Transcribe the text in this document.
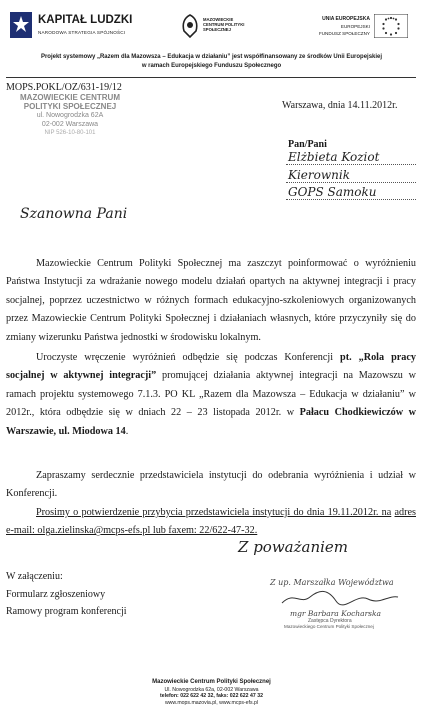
KAPITAŁ LUDZKI
NARODOWA STRATEGIA SPÓJNOŚCI
MAZOWIECKIE CENTRUM POLITYKI SPOŁECZNEJ
UNIA EUROPEJSKA
EUROPEJSKI
FUNDUSZ SPOŁECZNY
Projekt systemowy „Razem dla Mazowsza – Edukacja w działaniu” jest współfinansowany ze środków Unii Europejskiej
w ramach Europejskiego Funduszu Społecznego
MOPS.POKL/OZ/631-19/12
MAZOWIECKIE CENTRUM
POLITYKI SPOŁECZNEJ
ul. Nowogrodzka 62A
02-002 Warszawa
NIP 526-10-80-101
Warszawa, dnia 14.11.2012r.
Pan/Pani
Elżbieta Koziot
Kierownik
GOPS Samoku
Szanowna Pani

Mazowieckie Centrum Polityki Społecznej ma zaszczyt poinformować o wyróżnieniu Państwa Instytucji za wdrażanie nowego modelu działań opartych na aktywnej integracji i pracy socjalnej, poprzez uczestnictwo w różnych formach edukacyjno-szkoleniowych organizowanych przez Mazowieckie Centrum Polityki Społecznej i działaniach własnych, które przyczyniły się do zmiany wizerunku Państwa jednostki w środowisku lokalnym.

Uroczyste wręczenie wyróżnień odbędzie się podczas Konferencji pt. „Rola pracy socjalnej w aktywnej integracji” promującej działania aktywnej integracji na Mazowszu w ramach projektu systemowego 7.1.3. PO KL „Razem dla Mazowsza – Edukacja w działaniu” w 2012r., która odbędzie się w dniach 22 – 23 listopada 2012r. w Pałacu Chodkiewiczów w Warszawie, ul. Miodowa 14.

Zapraszamy serdecznie przedstawiciela instytucji do odebrania wyróżnienia i udział w Konferencji.

Prosimy o potwierdzenie przybycia przedstawiciela instytucji do dnia 19.11.2012r. na adres e-mail: olga.zielinska@mcps-efs.pl lub faxem: 22/622-47-32.

Z poważaniem
W załączeniu:
Formularz zgłoszeniowy
Ramowy program konferencji
Z up. Marszałka Województwa
mgr Barbara Kocharska
Zastępca Dyrektora
Mazowieckiego Centrum Polityki Społecznej
Mazowieckie Centrum Polityki Społecznej
Ul. Nowogrodzka 62a, 02-002 Warszawa
telefon: 022 622 42 32, faks: 022 622 47 32
www.mops.mazovia.pl, www.mcps-efs.pl
